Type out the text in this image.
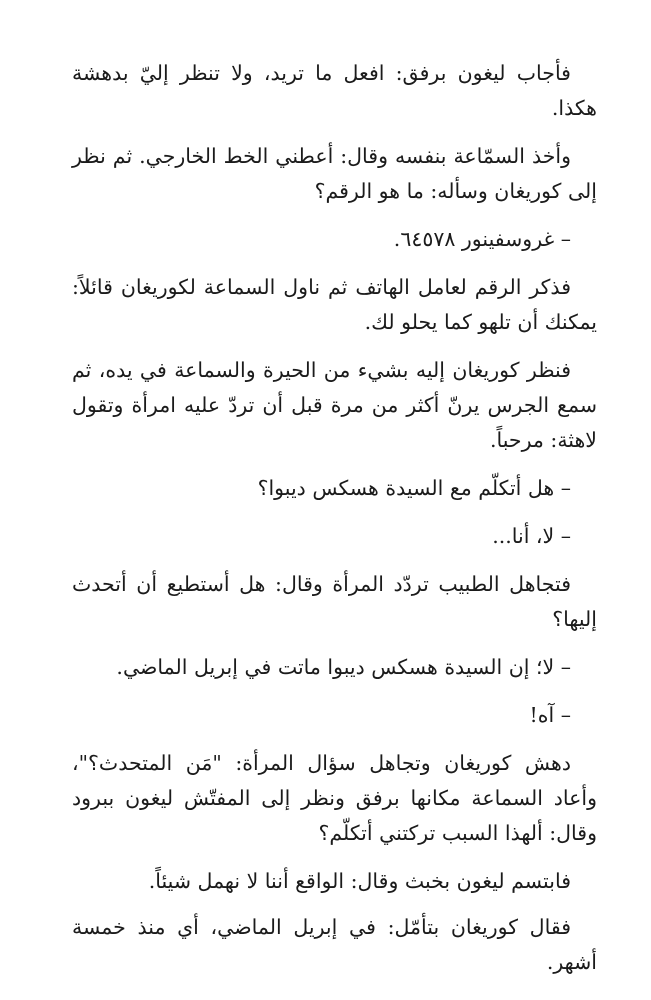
فأجاب ليغون برفق: افعل ما تريد، ولا تنظر إليّ بدهشة هكذا.

وأخذ السمّاعة بنفسه وقال: أعطني الخط الخارجي. ثم نظر إلى كوريغان وسأله: ما هو الرقم؟

– غروسفينور ٦٤٥٧٨.

فذكر الرقم لعامل الهاتف ثم ناول السماعة لكوريغان قائلاً: يمكنك أن تلهو كما يحلو لك.

فنظر كوريغان إليه بشيء من الحيرة والسماعة في يده، ثم سمع الجرس يرنّ أكثر من مرة قبل أن تردّ عليه امرأة وتقول لاهثة: مرحباً.

– هل أتكلّم مع السيدة هسكس ديبوا؟

– لا، أنا...

فتجاهل الطبيب تردّد المرأة وقال: هل أستطيع أن أتحدث إليها؟

– لا؛ إن السيدة هسكس ديبوا ماتت في إبريل الماضي.

– آه!

دهش كوريغان وتجاهل سؤال المرأة: "مَن المتحدث؟"، وأعاد السماعة مكانها برفق ونظر إلى المفتّش ليغون ببرود وقال: ألهذا السبب تركتني أتكلّم؟

فابتسم ليغون بخبث وقال: الواقع أننا لا نهمل شيئاً.

فقال كوريغان بتأمّل: في إبريل الماضي، أي منذ خمسة أشهر.
